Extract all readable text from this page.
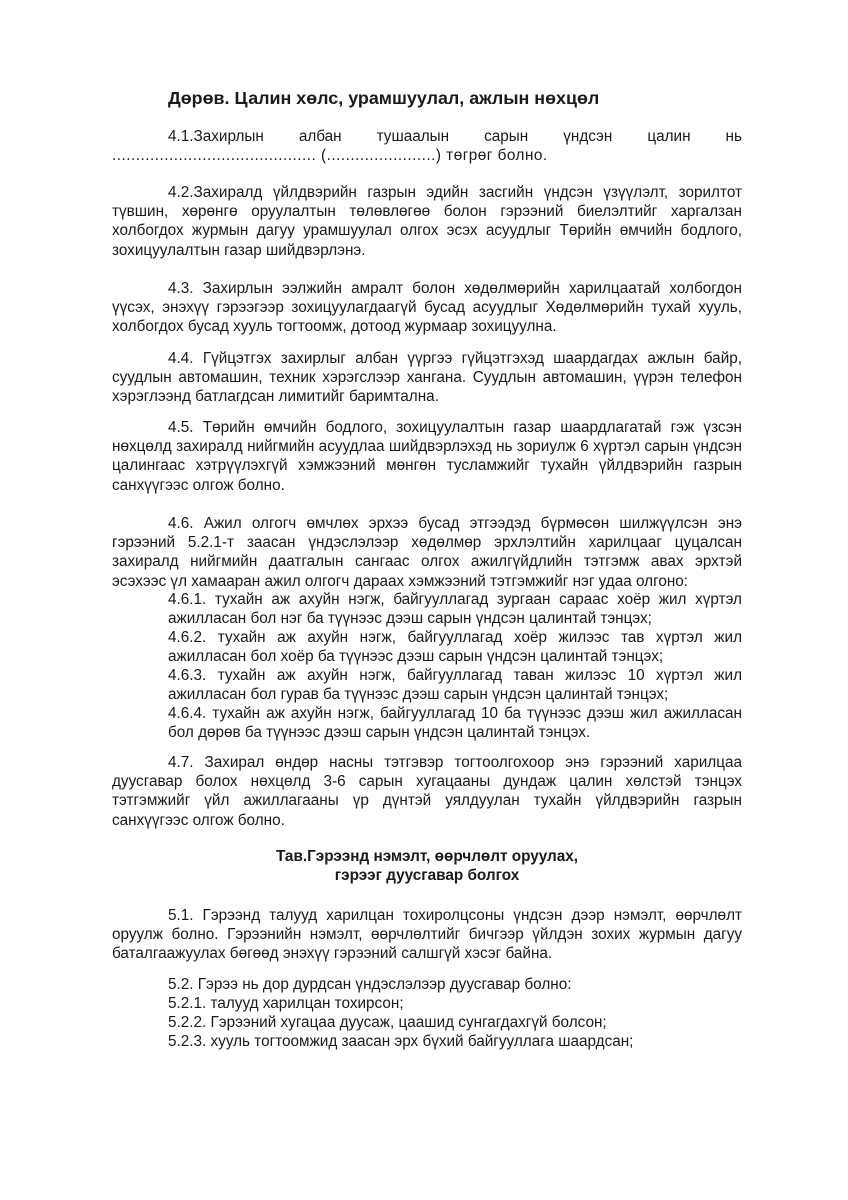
Дөрөв. Цалин хөлс, урамшуулал, ажлын нөхцөл
4.1.Захирлын албан тушаалын сарын үндсэн цалин нь
........................................... (.......................) төгрөг болно.

4.2.Захиралд үйлдвэрийн газрын эдийн засгийн үндсэн үзүүлэлт, зорилтот түвшин, хөрөнгө оруулалтын төлөвлөгөө болон гэрээний биелэлтийг харгалзан холбогдох журмын дагуу урамшуулал олгох эсэх асуудлыг Төрийн өмчийн бодлого, зохицуулалтын газар шийдвэрлэнэ.

4.3. Захирлын ээлжийн амралт болон хөдөлмөрийн харилцаатай холбогдон үүсэх, энэхүү гэрээгээр зохицуулагдаагүй бусад асуудлыг Хөдөлмөрийн тухай хууль, холбогдох бусад хууль тогтоомж, дотоод журмаар зохицуулна.

4.4. Гүйцэтгэх захирлыг албан үүргээ гүйцэтгэхэд шаардагдах ажлын байр, суудлын автомашин, техник хэрэгслээр хангана. Суудлын автомашин, үүрэн телефон хэрэглээнд батлагдсан лимитийг баримтална.

4.5. Төрийн өмчийн бодлого, зохицуулалтын газар шаардлагатай гэж үзсэн нөхцөлд захиралд нийгмийн асуудлаа шийдвэрлэхэд нь зориулж 6 хүртэл сарын үндсэн цалингаас хэтрүүлэхгүй хэмжээний мөнгөн тусламжийг тухайн үйлдвэрийн газрын санхүүгээс олгож болно.

4.6. Ажил олгогч өмчлөх эрхээ бусад этгээдэд бүрмөсөн шилжүүлсэн энэ гэрээний 5.2.1-т заасан үндэслэлээр хөдөлмөр эрхлэлтийн харилцааг цуцалсан захиралд нийгмийн даатгалын сангаас олгох ажилгүйдлийн тэтгэмж авах эрхтэй эсэхээс үл хамааран ажил олгогч дараах хэмжээний тэтгэмжийг нэг удаа олгоно:

4.6.1. тухайн аж ахуйн нэгж, байгууллагад зургаан сараас хоёр жил хүртэл ажилласан бол нэг ба түүнээс дээш сарын үндсэн цалинтай тэнцэх;

4.6.2. тухайн аж ахуйн нэгж, байгууллагад хоёр жилээс тав хүртэл жил ажилласан бол хоёр ба түүнээс дээш сарын үндсэн цалинтай тэнцэх;

4.6.3. тухайн аж ахуйн нэгж, байгууллагад таван жилээс 10 хүртэл жил ажилласан бол гурав ба түүнээс дээш сарын үндсэн цалинтай тэнцэх;

4.6.4. тухайн аж ахуйн нэгж, байгууллагад 10 ба түүнээс дээш жил ажилласан бол дөрөв ба түүнээс дээш сарын үндсэн цалинтай тэнцэх.

4.7. Захирал өндөр насны тэтгэвэр тогтоолгохоор энэ гэрээний харилцаа дуусгавар болох нөхцөлд 3-6 сарын хугацааны дундаж цалин хөлстэй тэнцэх тэтгэмжийг үйл ажиллагааны үр дүнтэй уялдуулан тухайн үйлдвэрийн газрын санхүүгээс олгож болно.

Тав.Гэрээнд нэмэлт, өөрчлөлт оруулах,
гэрээг дуусгавар болгох

5.1. Гэрээнд талууд харилцан тохиролцсоны үндсэн дээр нэмэлт, өөрчлөлт оруулж болно. Гэрээнийн нэмэлт, өөрчлөлтийг бичгээр үйлдэн зохих журмын дагуу баталгаажуулах бөгөөд энэхүү гэрээний салшгүй хэсэг байна.

5.2. Гэрээ нь дор дурдсан үндэслэлээр дуусгавар болно:

5.2.1. талууд харилцан тохирсон;

5.2.2. Гэрээний хугацаа дуусаж, цаашид сунгагдахгүй болсон;

5.2.3. хууль тогтоомжид заасан эрх бүхий байгууллага шаардсан;
